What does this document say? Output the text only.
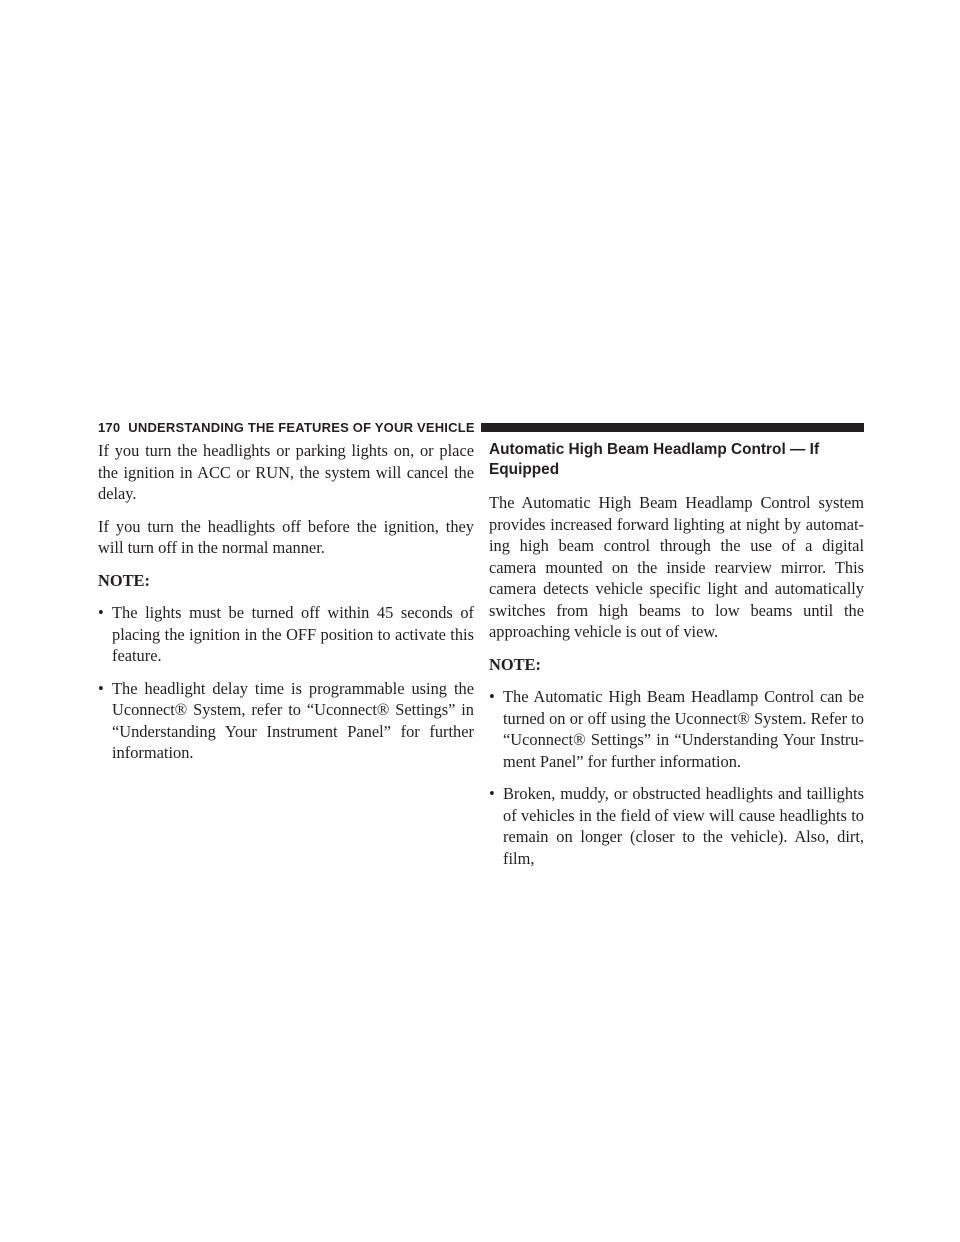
170 UNDERSTANDING THE FEATURES OF YOUR VEHICLE

If you turn the headlights or parking lights on, or place the ignition in ACC or RUN, the system will cancel the delay.

If you turn the headlights off before the ignition, they will turn off in the normal manner.

NOTE:
• The lights must be turned off within 45 seconds of placing the ignition in the OFF position to activate this feature.
• The headlight delay time is programmable using the Uconnect® System, refer to “Uconnect® Settings” in “Understanding Your Instrument Panel” for further information.
Automatic High Beam Headlamp Control — If Equipped

The Automatic High Beam Headlamp Control system provides increased forward lighting at night by automat-ing high beam control through the use of a digital camera mounted on the inside rearview mirror. This camera detects vehicle specific light and automatically switches from high beams to low beams until the approaching vehicle is out of view.

NOTE:
• The Automatic High Beam Headlamp Control can be turned on or off using the Uconnect® System. Refer to “Uconnect® Settings” in “Understanding Your Instru-ment Panel” for further information.
• Broken, muddy, or obstructed headlights and taillights of vehicles in the field of view will cause headlights to remain on longer (closer to the vehicle). Also, dirt, film,
